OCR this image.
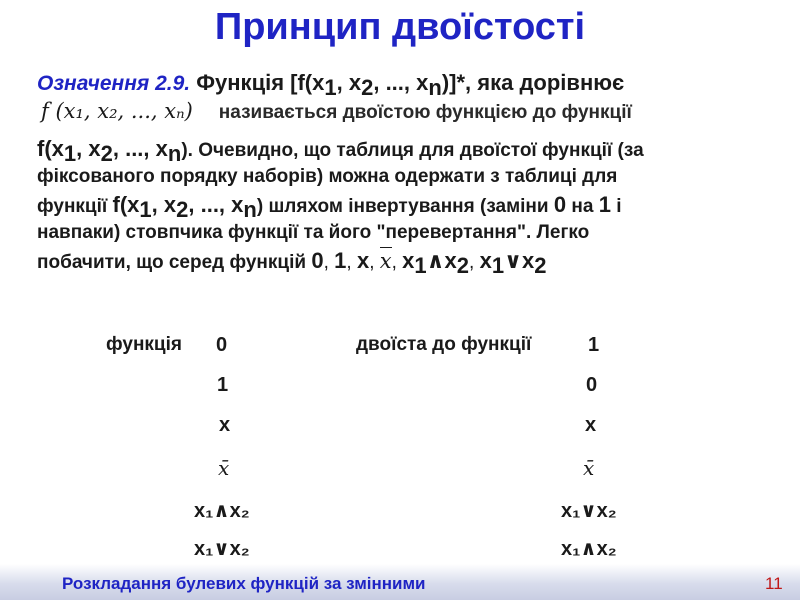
Принцип двоїстості
Означення 2.9. Функція [$f(x_1$, $x_2$, ..., $x_n)]*$, яка дорівнює
f (x₁, x₂, ..., xₙ) називається двоїстою функцією до функції
$f(x_1$, $x_2$, ..., $x_n$). Очевидно, що таблиця для двоїстої функції (за
фіксованого порядку наборів) можна одержати з таблиці для
функції $f(x_1$, $x_2$, ..., $x_n$) шляхом інвертування (заміни 0 на 1 і
навпаки) стовпчика функції та його "перевертання". Легко
побачити, що серед функцій 0, 1, x, x, $x_1\wedge x_2$, $x_1\vee x_2$
функція	двоїста до функції
0	1
1	0
x	x
x̄	x̄
x₁∧x₂	x₁∨x₂
x₁∨x₂	x₁∧x₂
Розкладання булевих функцій за змінними	11
